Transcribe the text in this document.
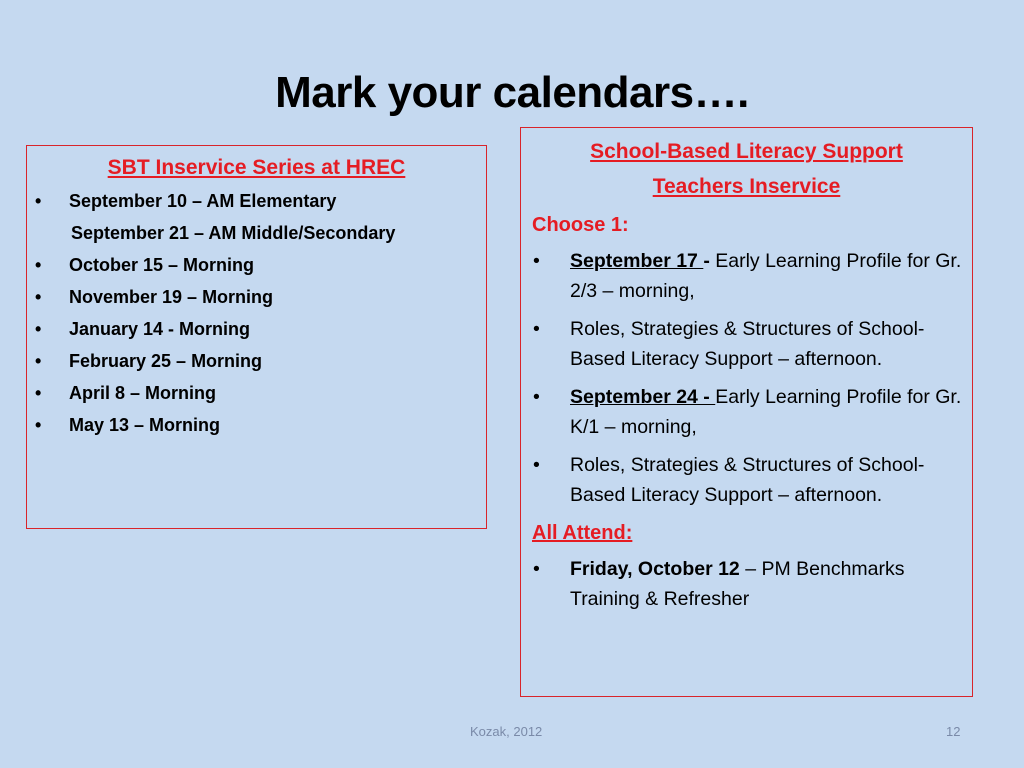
Mark your calendars….
SBT Inservice Series at HREC
• September 10 – AM Elementary
September 21 – AM Middle/Secondary
• October 15 – Morning
• November 19 – Morning
• January 14 - Morning
• February 25 – Morning
• April 8 – Morning
• May 13 – Morning
School-Based Literacy Support
Teachers Inservice
Choose 1:
• September 17 - Early Learning Profile for Gr. 2/3 – morning,
• Roles, Strategies & Structures of School-Based Literacy Support – afternoon.
• September 24 - Early Learning Profile for Gr. K/1 – morning,
• Roles, Strategies & Structures of School-Based Literacy Support – afternoon.
All Attend:
• Friday, October 12 – PM Benchmarks Training & Refresher
Kozak, 2012	12
